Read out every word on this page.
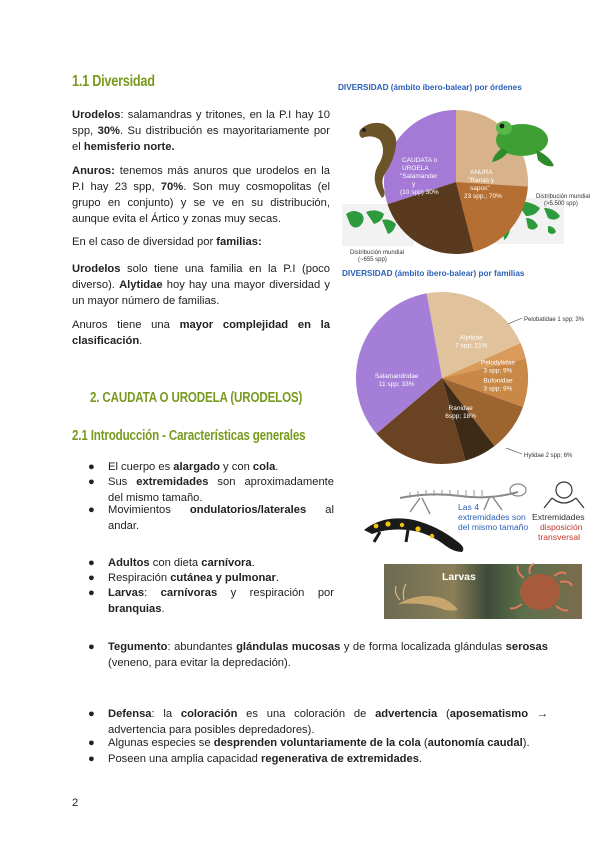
1.1 Diversidad
Urodelos: salamandras y tritones, en la P.I hay 10 spp, 30%. Su distribución es mayoritariamente por el hemisferio norte.
Anuros: tenemos más anuros que urodelos en la P.I hay 23 spp, 70%. Son muy cosmopolitas (el grupo en conjunto) y se ve en su distribución, aunque evita el Ártico y zonas muy secas.
En el caso de diversidad por familias:
Urodelos solo tiene una familia en la P.I (poco diverso). Alytidae hoy hay una mayor diversidad y un mayor número de familias.
Anuros tiene una mayor complejidad en la clasificación.
DIVERSIDAD (ámbito íbero-balear) por órdenes
Distribución mundial
(~655 spp)
Distribución mundial
(>5.500 spp)
CAUDATA o
UROELA
"Salamander
y
(10 spp) 30%
ANURA
"Ranas y
sapos"
23 spp.; 70%
DIVERSIDAD (ámbito íbero-balear) por familias
Alytidae
7 spp; 21%
Pelodytidae
3 spp; 9%
Bufonidae
3 spp; 9%
Ranidae
6spp; 18%
Salamandridae
11 spp; 33%
Pelobatidae 1 spp; 3%
Hylidae 2 spp; 6%
2. CAUDATA O URODELA (URODELOS)
2.1 Introducción - Características generales
● El cuerpo es alargado y con cola.
● Sus extremidades son aproximadamente del mismo tamaño.
● Movimientos ondulatorios/laterales al andar.
Las 4 extremidades son del mismo tamaño
Extremidades disposición transversal
Larvas
● Adultos con dieta carnívora.
● Respiración cutánea y pulmonar.
● Larvas: carnívoras y respiración por branquias.
● Tegumento: abundantes glándulas mucosas y de forma localizada glándulas serosas (veneno, para evitar la depredación).
● Defensa: la coloración es una coloración de advertencia (aposematismo → advertencia para posibles depredadores).
● Algunas especies se desprenden voluntariamente de la cola (autonomía caudal).
● Poseen una amplia capacidad regenerativa de extremidades.
2
